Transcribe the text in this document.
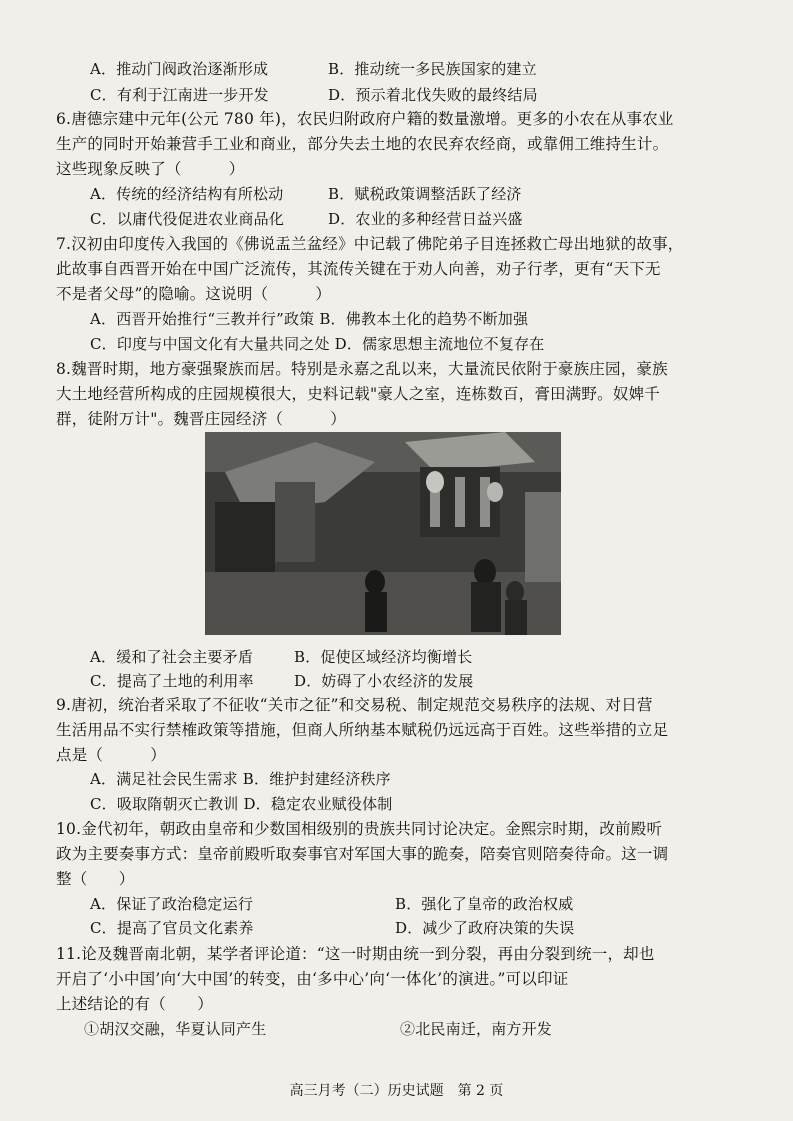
A．推动门阀政治逐渐形成	B．推动统一多民族国家的建立
C．有利于江南进一步开发	D．预示着北伐失败的最终结局
6.唐德宗建中元年(公元 780 年)，农民归附政府户籍的数量激增。更多的小农在从事农业
生产的同时开始兼营手工业和商业，部分失去土地的农民弃农经商，或靠佣工维持生计。
这些现象反映了（　　　）
A．传统的经济结构有所松动	B．赋税政策调整活跃了经济
C．以庸代役促进农业商品化	D．农业的多种经营日益兴盛
7.汉初由印度传入我国的《佛说盂兰盆经》中记载了佛陀弟子目连拯救亡母出地狱的故事，
此故事自西晋开始在中国广泛流传，其流传关键在于劝人向善，劝子行孝，更有“天下无
不是者父母”的隐喻。这说明（　　　）
A．西晋开始推行“三教并行”政策 B．佛教本土化的趋势不断加强
C．印度与中国文化有大量共同之处 D．儒家思想主流地位不复存在
8.魏晋时期，地方豪强聚族而居。特别是永嘉之乱以来，大量流民依附于豪族庄园，豪族
大土地经营所构成的庄园规模很大，史料记载"豪人之室，连栋数百，膏田满野。奴婢千
群，徒附万计"。魏晋庄园经济（　　　）
A．缓和了社会主要矛盾	B．促使区域经济均衡增长
C．提高了土地的利用率	D．妨碍了小农经济的发展
9.唐初，统治者采取了不征收“关市之征”和交易税、制定规范交易秩序的法规、对日营
生活用品不实行禁榷政策等措施，但商人所纳基本赋税仍远远高于百姓。这些举措的立足
点是（　　　）
A．满足社会民生需求 B．维护封建经济秩序
C．吸取隋朝灭亡教训 D．稳定农业赋役体制
10.金代初年，朝政由皇帝和少数国相级别的贵族共同讨论决定。金熙宗时期，改前殿听
政为主要奏事方式：皇帝前殿听取奏事官对军国大事的跪奏，陪奏官则陪奏待命。这一调
整（　　）
A．保证了政治稳定运行	B．强化了皇帝的政治权威
C．提高了官员文化素养	D．减少了政府决策的失误
11.论及魏晋南北朝，某学者评论道：“这一时期由统一到分裂，再由分裂到统一，却也
开启了‘小中国’向‘大中国’的转变，由‘多中心’向‘一体化’的演进。”可以印证
上述结论的有（　　）
①胡汉交融，华夏认同产生	②北民南迁，南方开发
高三月考（二）历史试题　第 2 页
